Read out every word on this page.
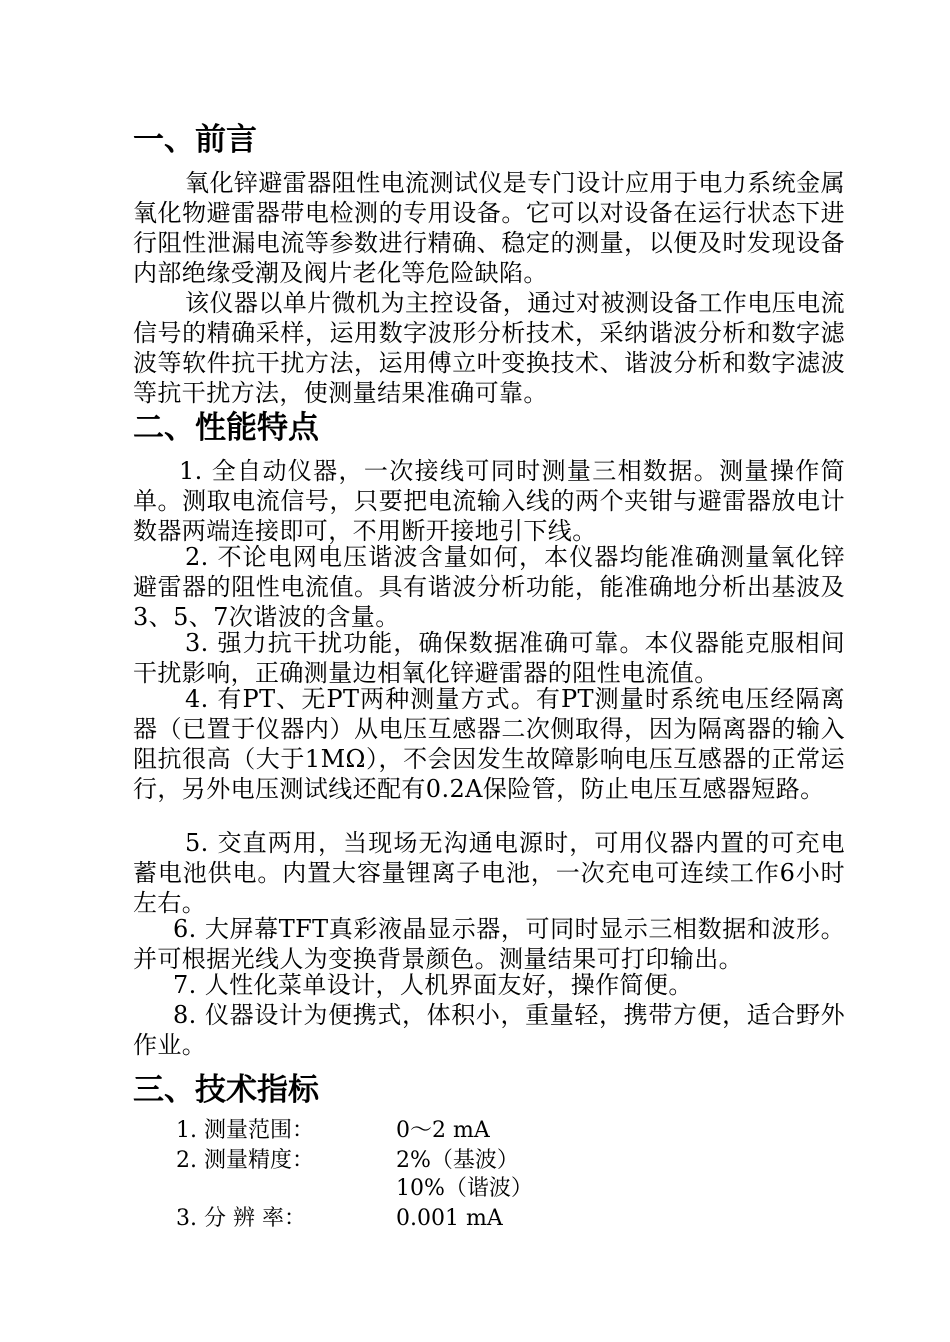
一、前言

氧化锌避雷器阻性电流测试仪是专门设计应用于电力系统金属氧化物避雷器带电检测的专用设备。它可以对设备在运行状态下进行阻性泄漏电流等参数进行精确、稳定的测量，以便及时发现设备内部绝缘受潮及阀片老化等危险缺陷。

该仪器以单片微机为主控设备，通过对被测设备工作电压电流信号的精确采样，运用数字波形分析技术，采纳谐波分析和数字滤波等软件抗干扰方法，运用傅立叶变换技术、谐波分析和数字滤波等抗干扰方法，使测量结果准确可靠。

二、性能特点

1. 全自动仪器，一次接线可同时测量三相数据。测量操作简单。测取电流信号，只要把电流输入线的两个夹钳与避雷器放电计数器两端连接即可，不用断开接地引下线。

2. 不论电网电压谐波含量如何，本仪器均能准确测量氧化锌避雷器的阻性电流值。具有谐波分析功能，能准确地分析出基波及3、5、7次谐波的含量。

3. 强力抗干扰功能，确保数据准确可靠。本仪器能克服相间干扰影响，正确测量边相氧化锌避雷器的阻性电流值。

4. 有PT、无PT两种测量方式。有PT测量时系统电压经隔离器（已置于仪器内）从电压互感器二次侧取得，因为隔离器的输入阻抗很高（大于1MΩ），不会因发生故障影响电压互感器的正常运行，另外电压测试线还配有0.2A保险管，防止电压互感器短路。

5. 交直两用，当现场无沟通电源时，可用仪器内置的可充电蓄电池供电。内置大容量锂离子电池，一次充电可连续工作6小时左右。

6. 大屏幕TFT真彩液晶显示器，可同时显示三相数据和波形。并可根据光线人为变换背景颜色。测量结果可打印输出。

7. 人性化菜单设计，人机界面友好，操作简便。

8. 仪器设计为便携式，体积小，重量轻，携带方便，适合野外作业。

三、技术指标
1. 测量范围：	0～2 mA
2. 测量精度：	2%（基波）
10%（谐波）
3. 分 辨 率：	0.001 mA
